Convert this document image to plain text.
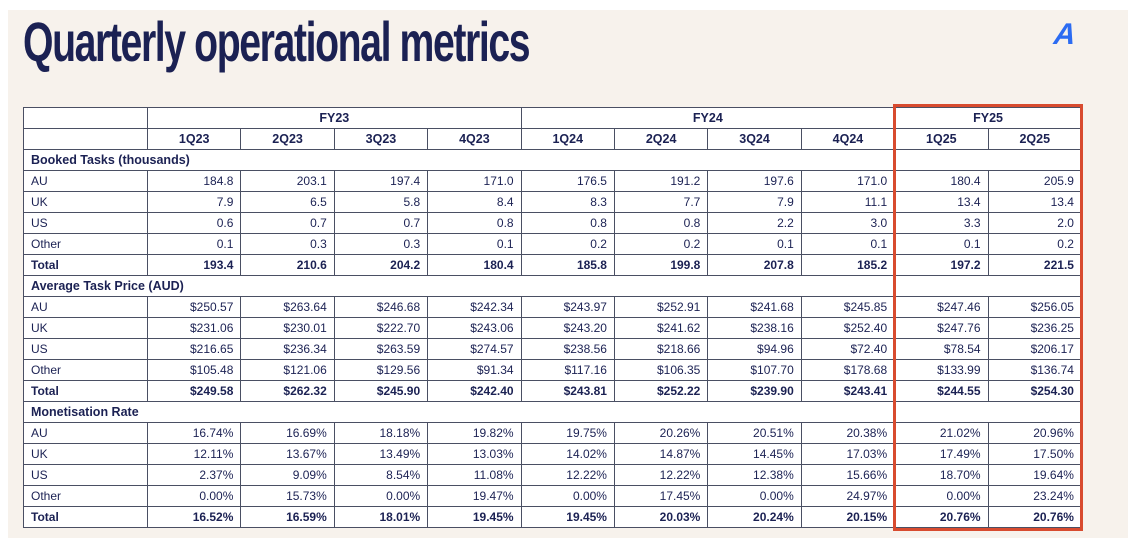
Quarterly operational metrics	A
	FY23				FY24				FY25	
	1Q23	2Q23	3Q23	4Q23	1Q24	2Q24	3Q24	4Q24	1Q25	2Q25
Booked Tasks (thousands)										
AU	184.8	203.1	197.4	171.0	176.5	191.2	197.6	171.0	180.4	205.9
UK	7.9	6.5	5.8	8.4	8.3	7.7	7.9	11.1	13.4	13.4
US	0.6	0.7	0.7	0.8	0.8	0.8	2.2	3.0	3.3	2.0
Other	0.1	0.3	0.3	0.1	0.2	0.2	0.1	0.1	0.1	0.2
Total	193.4	210.6	204.2	180.4	185.8	199.8	207.8	185.2	197.2	221.5
Average Task Price (AUD)										
AU	$250.57	$263.64	$246.68	$242.34	$243.97	$252.91	$241.68	$245.85	$247.46	$256.05
UK	$231.06	$230.01	$222.70	$243.06	$243.20	$241.62	$238.16	$252.40	$247.76	$236.25
US	$216.65	$236.34	$263.59	$274.57	$238.56	$218.66	$94.96	$72.40	$78.54	$206.17
Other	$105.48	$121.06	$129.56	$91.34	$117.16	$106.35	$107.70	$178.68	$133.99	$136.74
Total	$249.58	$262.32	$245.90	$242.40	$243.81	$252.22	$239.90	$243.41	$244.55	$254.30
Monetisation Rate										
AU	16.74%	16.69%	18.18%	19.82%	19.75%	20.26%	20.51%	20.38%	21.02%	20.96%
UK	12.11%	13.67%	13.49%	13.03%	14.02%	14.87%	14.45%	17.03%	17.49%	17.50%
US	2.37%	9.09%	8.54%	11.08%	12.22%	12.22%	12.38%	15.66%	18.70%	19.64%
Other	0.00%	15.73%	0.00%	19.47%	0.00%	17.45%	0.00%	24.97%	0.00%	23.24%
Total	16.52%	16.59%	18.01%	19.45%	19.45%	20.03%	20.24%	20.15%	20.76%	20.76%
